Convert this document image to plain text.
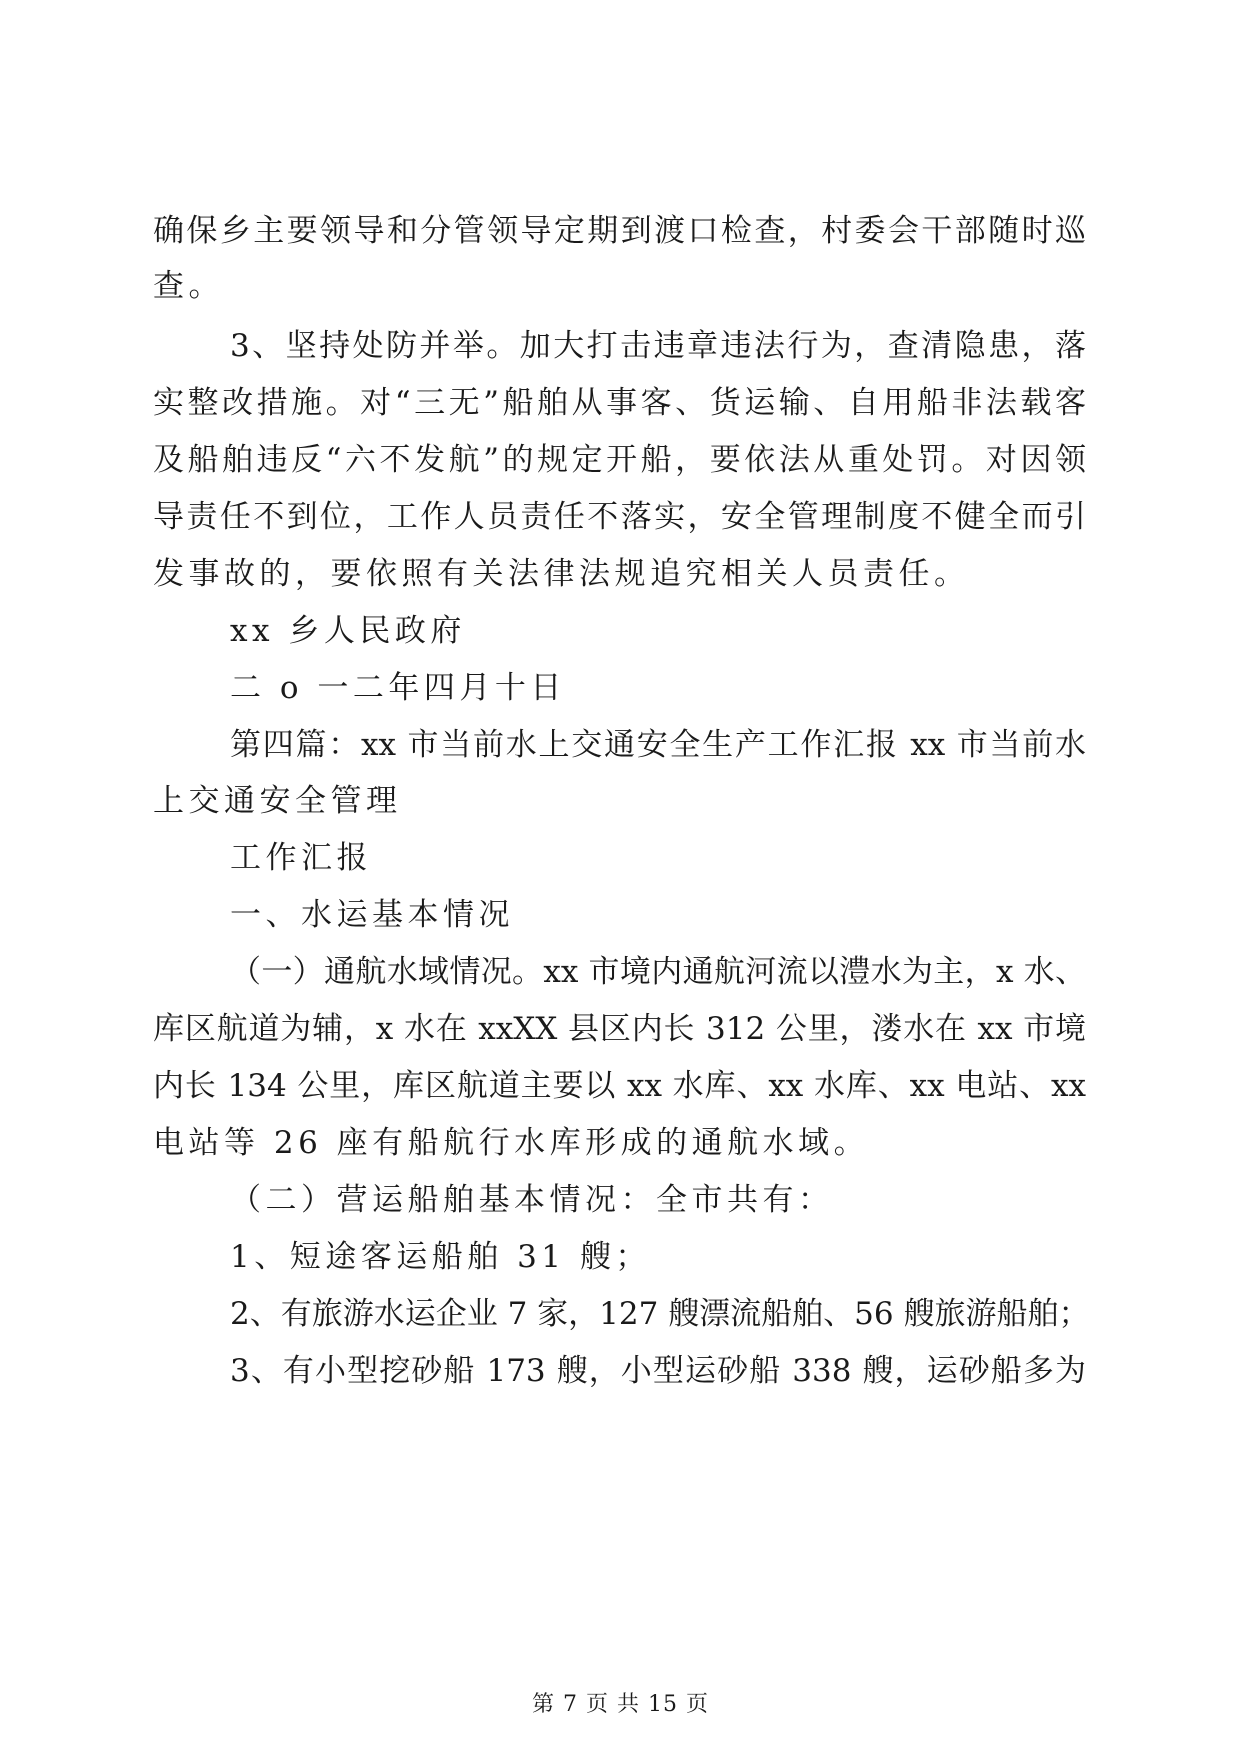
确保乡主要领导和分管领导定期到渡口检查，村委会干部随时巡
查。
3、坚持处防并举。加大打击违章违法行为，查清隐患，落
实整改措施。对“三无”船舶从事客、货运输、自用船非法载客
及船舶违反“六不发航”的规定开船，要依法从重处罚。对因领
导责任不到位，工作人员责任不落实，安全管理制度不健全而引
发事故的，要依照有关法律法规追究相关人员责任。
xx 乡人民政府
二 o 一二年四月十日
第四篇：xx 市当前水上交通安全生产工作汇报 xx 市当前水
上交通安全管理
工作汇报
一、水运基本情况
（一）通航水域情况。xx 市境内通航河流以澧水为主，x 水、
库区航道为辅，x 水在 xxXX 县区内长 312 公里，溇水在 xx 市境
内长 134 公里，库区航道主要以 xx 水库、xx 水库、xx 电站、xx
电站等 26 座有船航行水库形成的通航水域。
（二）营运船舶基本情况：全市共有：
1、短途客运船舶 31 艘；
2、有旅游水运企业 7 家，127 艘漂流船舶、56 艘旅游船舶；
3、有小型挖砂船 173 艘，小型运砂船 338 艘，运砂船多为
第 7 页 共 15 页
